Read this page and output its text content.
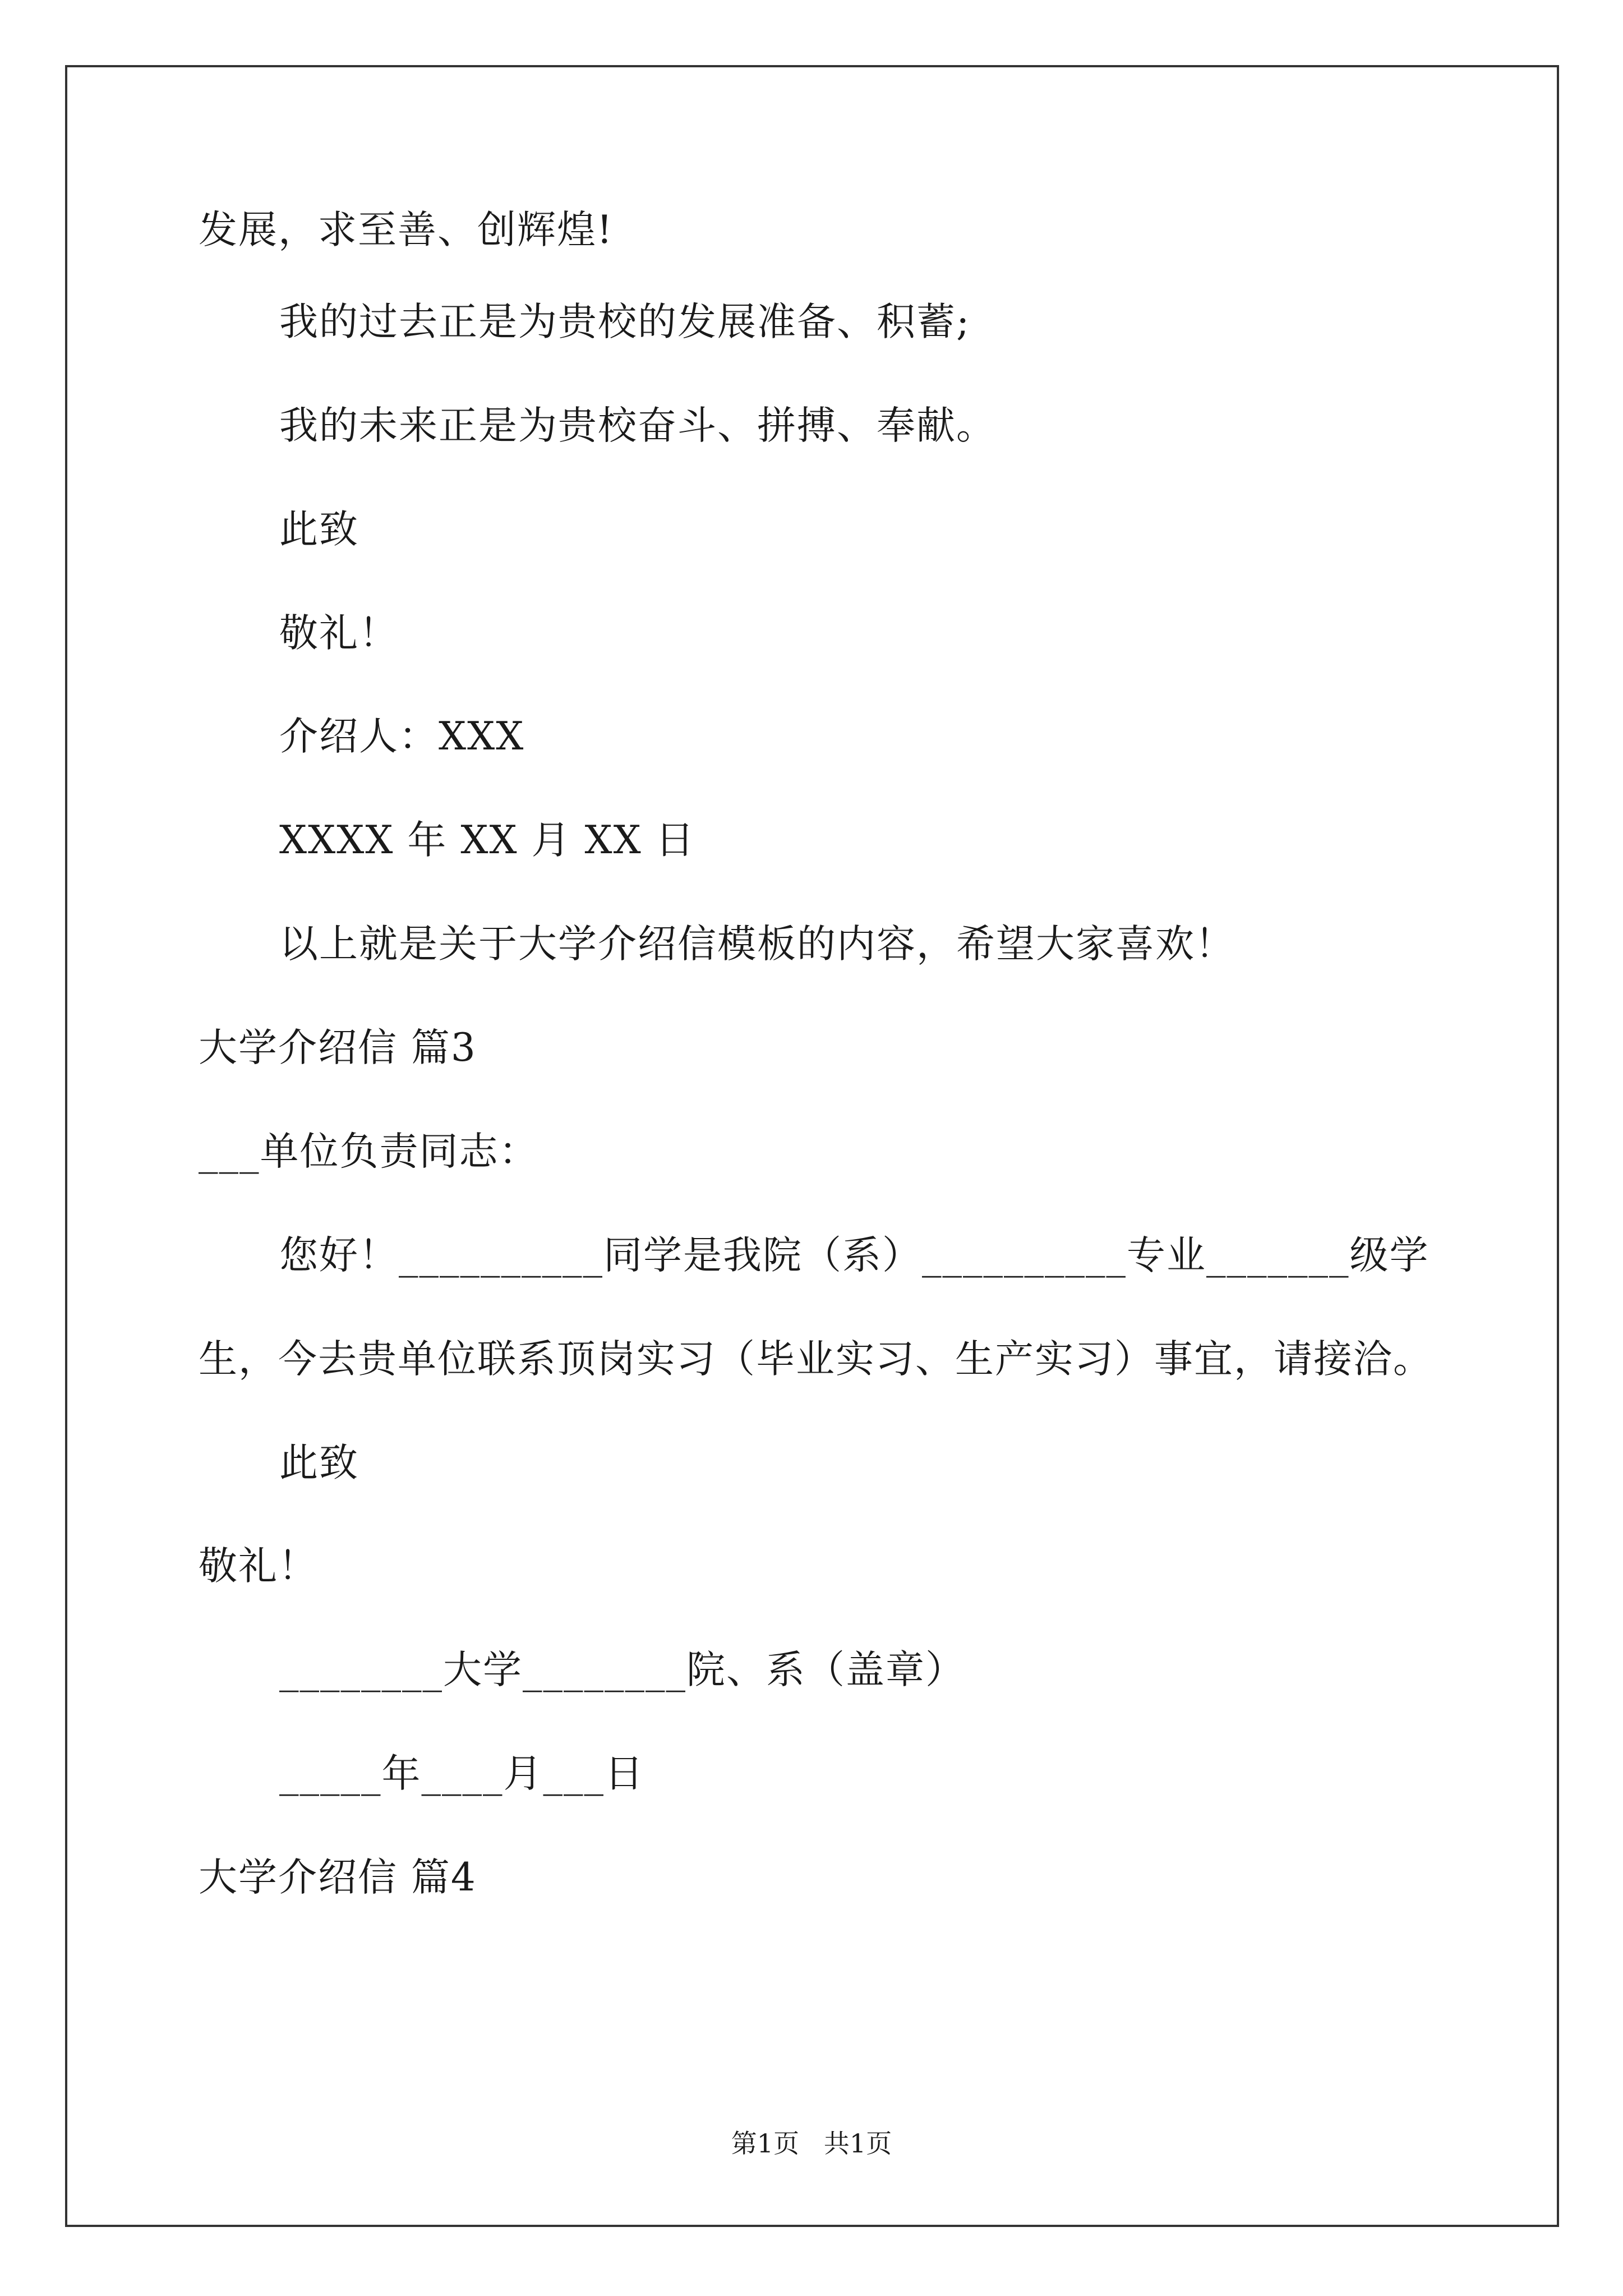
发展，求至善、创辉煌!
我的过去正是为贵校的发展准备、积蓄;
我的未来正是为贵校奋斗、拼搏、奉献。
此致
敬礼！
介绍人：XXX
XXXX 年 XX 月 XX 日
以上就是关于大学介绍信模板的内容，希望大家喜欢！
大学介绍信 篇3
___单位负责同志：
您好！__________同学是我院（系）__________专业_______级学
生，今去贵单位联系顶岗实习（毕业实习、生产实习）事宜，请接洽。
此致
敬礼！
________大学________院、系（盖章）
_____年____月___日
大学介绍信 篇4
第1页   共1页
